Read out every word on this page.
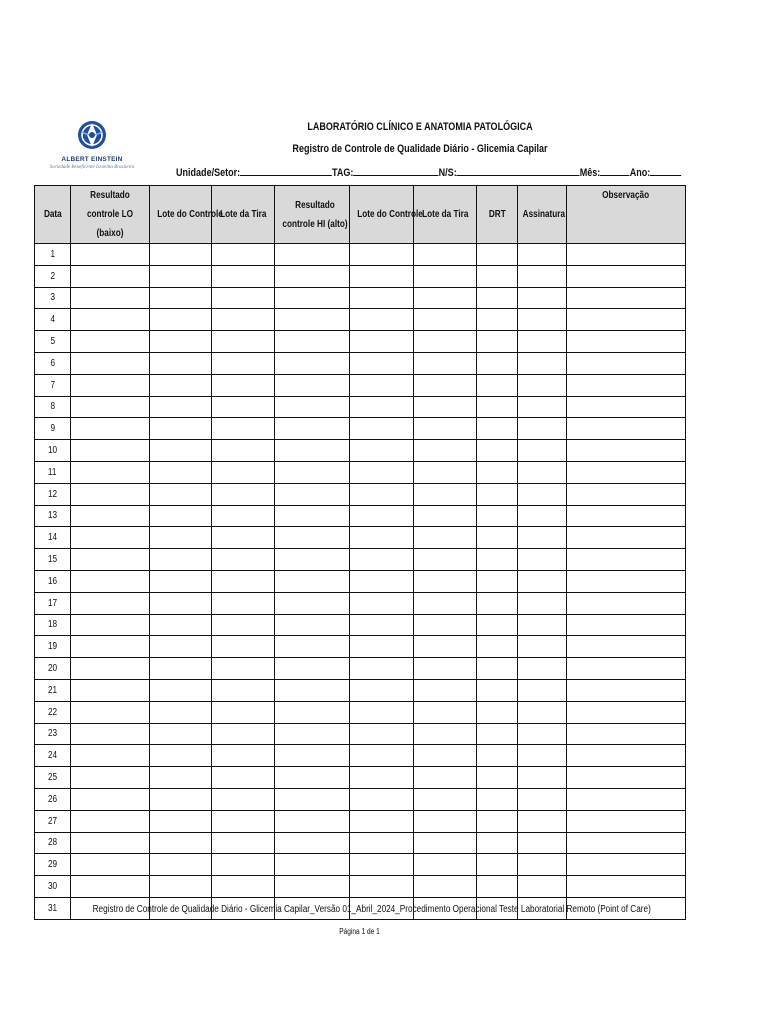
ALBERT EINSTEIN
Sociedade Beneficente Israelita Brasileira
LABORATÓRIO CLÍNICO E ANATOMIA PATOLÓGICA
Registro de Controle de Qualidade Diário - Glicemia Capilar
Unidade/Setor:	TAG:	N/S:	Mês:	Ano:
Data	Resultado controle LO (baixo)	Lote do Controle	Lote da Tira	Resultado controle HI (alto)	Lote do Controle	Lote da Tira	DRT	Assinatura	Observação
1									
2									
3									
4									
5									
6									
7									
8									
9									
10									
11									
12									
13									
14									
15									
16									
17									
18									
19									
20									
21									
22									
23									
24									
25									
26									
27									
28									
29									
30									
31										Registro de Controle de Qualidade Diário - Glicemia Capilar_Versão 01_Abril_2024_Procedimento Operacional Teste Laboratorial Remoto (Point of Care)
Página 1 de 1
